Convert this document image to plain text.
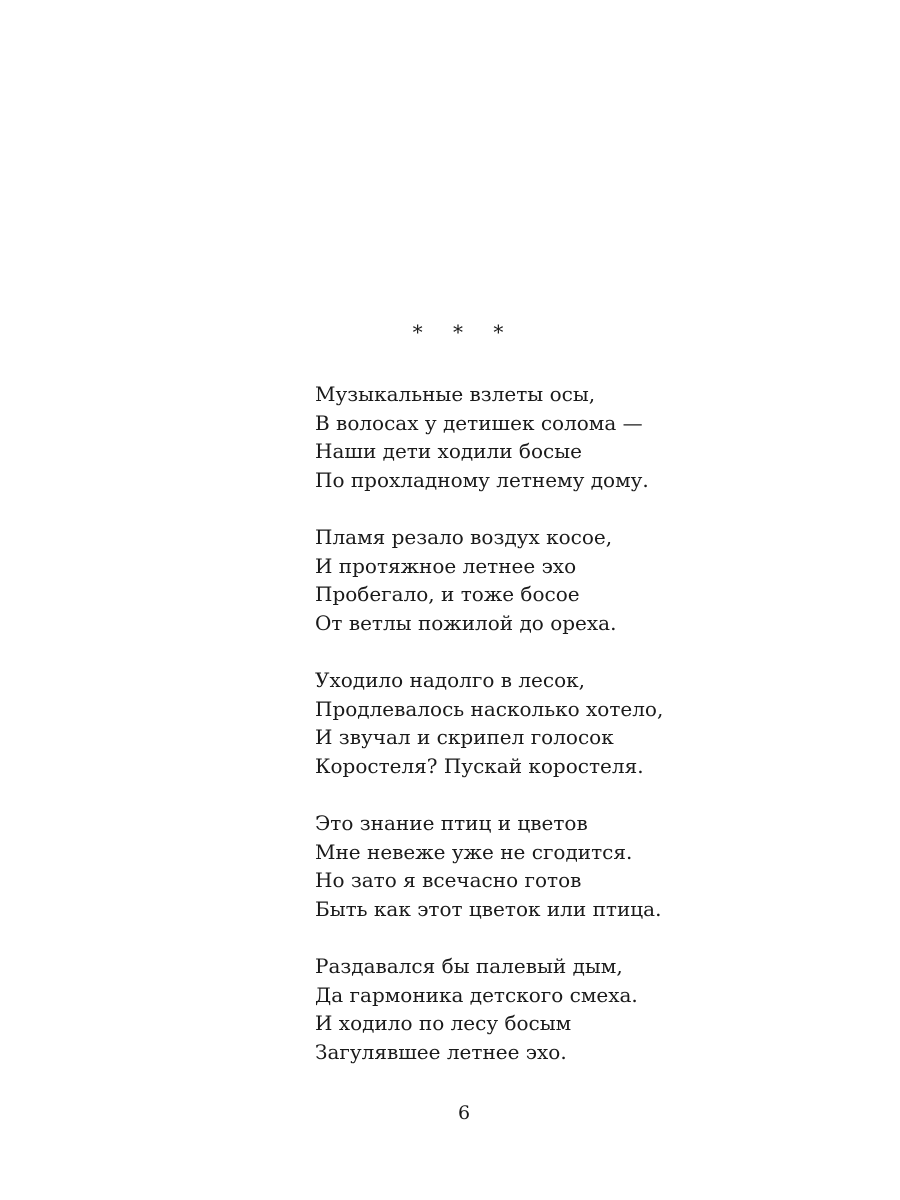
* * *
Музыкальные взлеты осы,
В волосах у детишек солома —
Наши дети ходили босые
По прохладному летнему дому.
Пламя резало воздух косое,
И протяжное летнее эхо
Пробегало, и тоже босое
От ветлы пожилой до ореха.
Уходило надолго в лесок,
Продлевалось насколько хотело,
И звучал и скрипел голосок
Коростеля? Пускай коростеля.
Это знание птиц и цветов
Мне невеже уже не сгодится.
Но зато я всечасно готов
Быть как этот цветок или птица.
Раздавался бы палевый дым,
Да гармоника детского смеха.
И ходило по лесу босым
Загулявшее летнее эхо.
6
